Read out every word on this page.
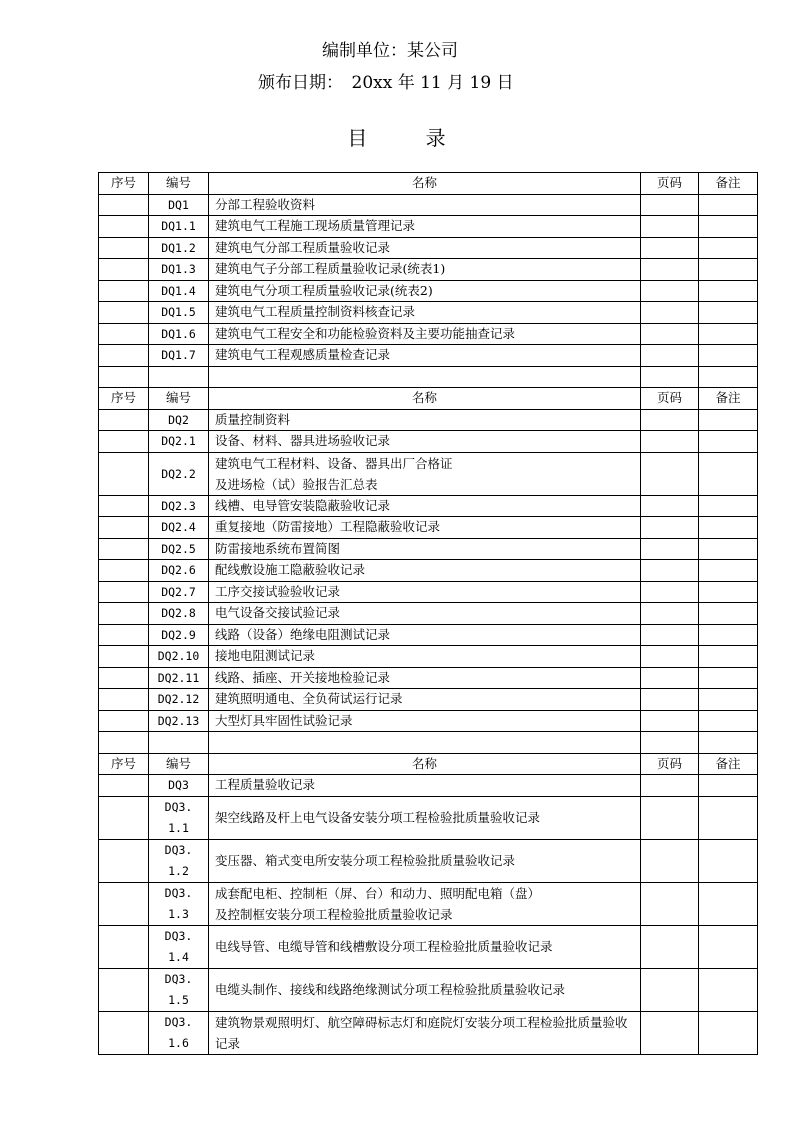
编制单位：某公司
颁布日期：　20xx 年 11 月 19 日
目 录
序号	编号	名称	页码	备注
	DQ1	分部工程验收资料		

	DQ1.1	建筑电气工程施工现场质量管理记录		

	DQ1.2	建筑电气分部工程质量验收记录		

	DQ1.3	建筑电气子分部工程质量验收记录(统表1)		

	DQ1.4	建筑电气分项工程质量验收记录(统表2)		

	DQ1.5	建筑电气工程质量控制资料核查记录		

	DQ1.6	建筑电气工程安全和功能检验资料及主要功能抽查记录		

	DQ1.7	建筑电气工程观感质量检查记录		

序号	编号	名称	页码	备注
	DQ2	质量控制资料		

	DQ2.1	设备、材料、器具进场验收记录		

	DQ2.2	建筑电气工程材料、设备、器具出厂合格证
及进场检（试）验报告汇总表		

	DQ2.3	线槽、电导管安装隐蔽验收记录		

	DQ2.4	重复接地（防雷接地）工程隐蔽验收记录		

	DQ2.5	防雷接地系统布置简图		

	DQ2.6	配线敷设施工隐蔽验收记录		

	DQ2.7	工序交接试验验收记录		

	DQ2.8	电气设备交接试验记录		

	DQ2.9	线路（设备）绝缘电阻测试记录		

	DQ2.10	接地电阻测试记录		

	DQ2.11	线路、插座、开关接地检验记录		

	DQ2.12	建筑照明通电、全负荷试运行记录		

	DQ2.13	大型灯具牢固性试验记录		

序号	编号	名称	页码	备注
	DQ3	工程质量验收记录		

	DQ3.1.1	架空线路及杆上电气设备安装分项工程检验批质量验收记录		

	DQ3.1.2	变压器、箱式变电所安装分项工程检验批质量验收记录		

	DQ3.1.3	成套配电柜、控制柜（屏、台）和动力、照明配电箱（盘）
及控制框安装分项工程检验批质量验收记录		

	DQ3.1.4	电线导管、电缆导管和线槽敷设分项工程检验批质量验收记录		

	DQ3.1.5	电缆头制作、接线和线路绝缘测试分项工程检验批质量验收记录		

	DQ3.1.6	建筑物景观照明灯、航空障碍标志灯和庭院灯安装分项工程检验批质量验收记录		
